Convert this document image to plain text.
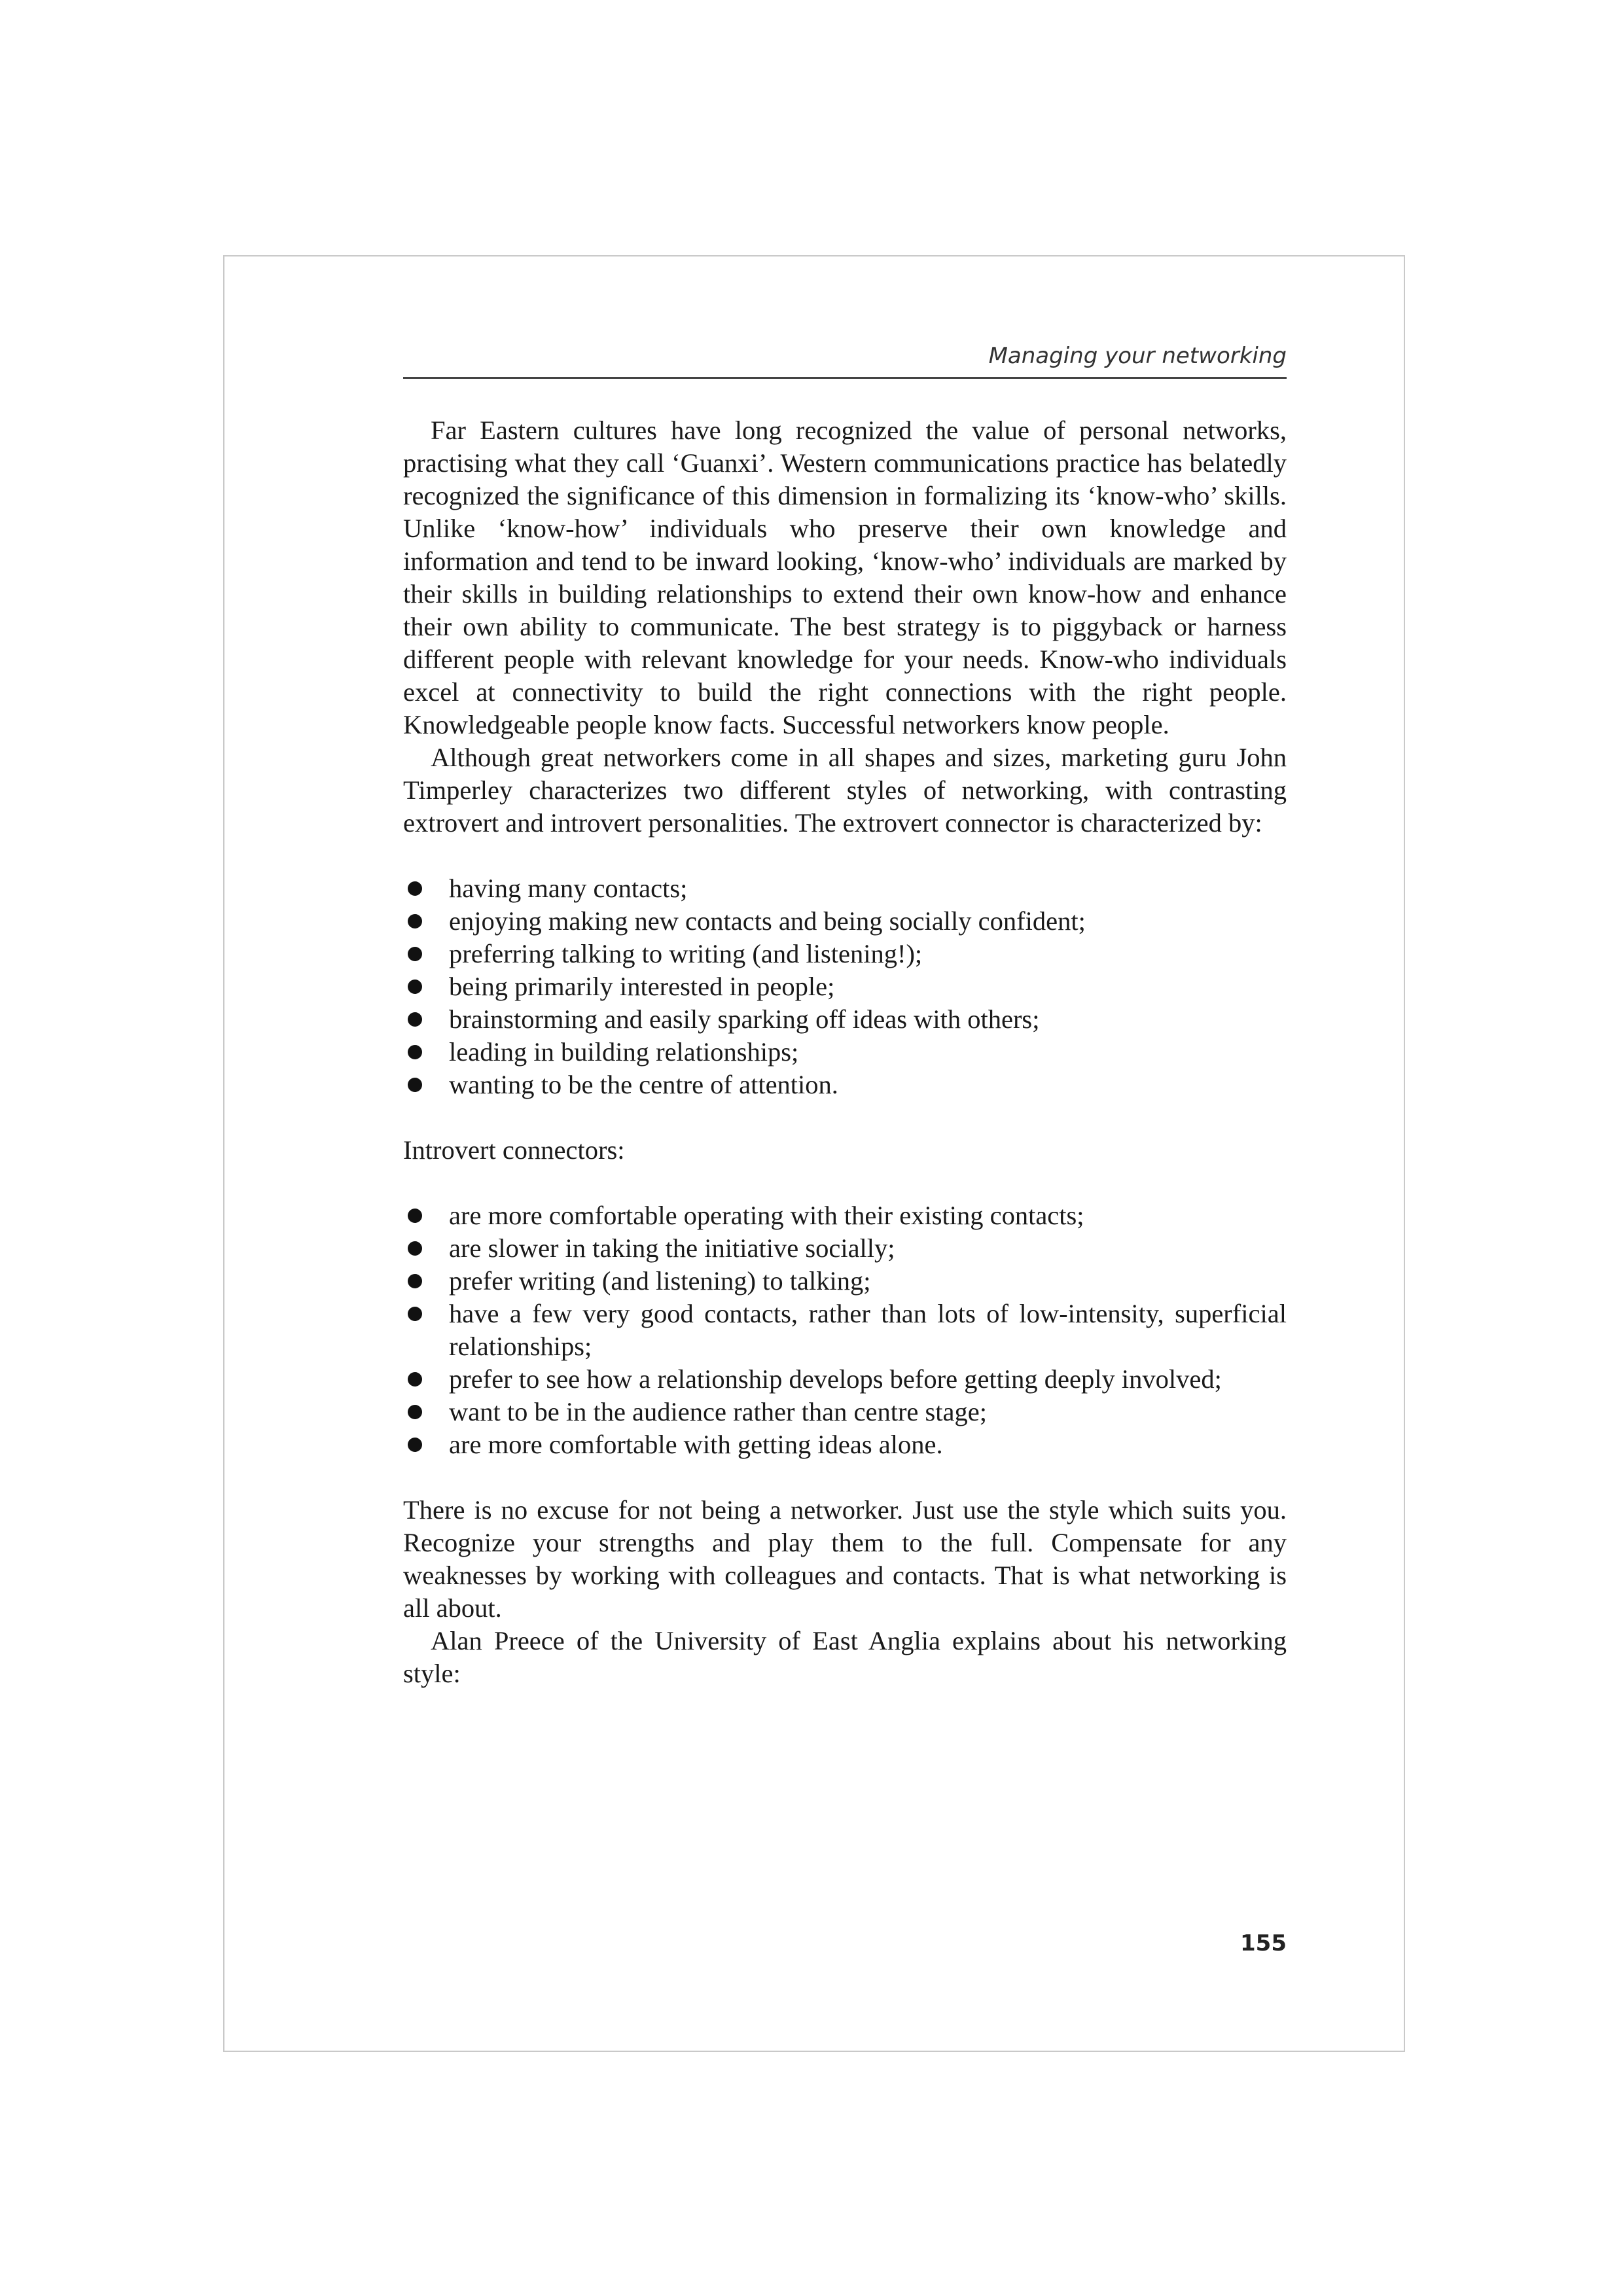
Managing your networking

Far Eastern cultures have long recognized the value of personal networks, practising what they call ‘Guanxi’. Western communications practice has belatedly recognized the significance of this dimension in formalizing its ‘know-who’ skills. Unlike ‘know-how’ individuals who preserve their own knowledge and information and tend to be inward looking, ‘know-who’ individuals are marked by their skills in building relationships to extend their own know-how and enhance their own ability to communicate. The best strategy is to piggyback or harness different people with relevant knowledge for your needs. Know-who individuals excel at connectivity to build the right connections with the right people. Knowledgeable people know facts. Successful networkers know people.

Although great networkers come in all shapes and sizes, marketing guru John Timperley characterizes two different styles of networking, with contrasting extrovert and introvert personalities. The extrovert connector is characterized by:

having many contacts;
enjoying making new contacts and being socially confident;
preferring talking to writing (and listening!);
being primarily interested in people;
brainstorming and easily sparking off ideas with others;
leading in building relationships;
wanting to be the centre of attention.

Introvert connectors:

are more comfortable operating with their existing contacts;
are slower in taking the initiative socially;
prefer writing (and listening) to talking;
have a few very good contacts, rather than lots of low-intensity, superficial relationships;
prefer to see how a relationship develops before getting deeply involved;
want to be in the audience rather than centre stage;
are more comfortable with getting ideas alone.

There is no excuse for not being a networker. Just use the style which suits you. Recognize your strengths and play them to the full. Compensate for any weaknesses by working with colleagues and contacts. That is what networking is all about.

Alan Preece of the University of East Anglia explains about his networking style:

155
